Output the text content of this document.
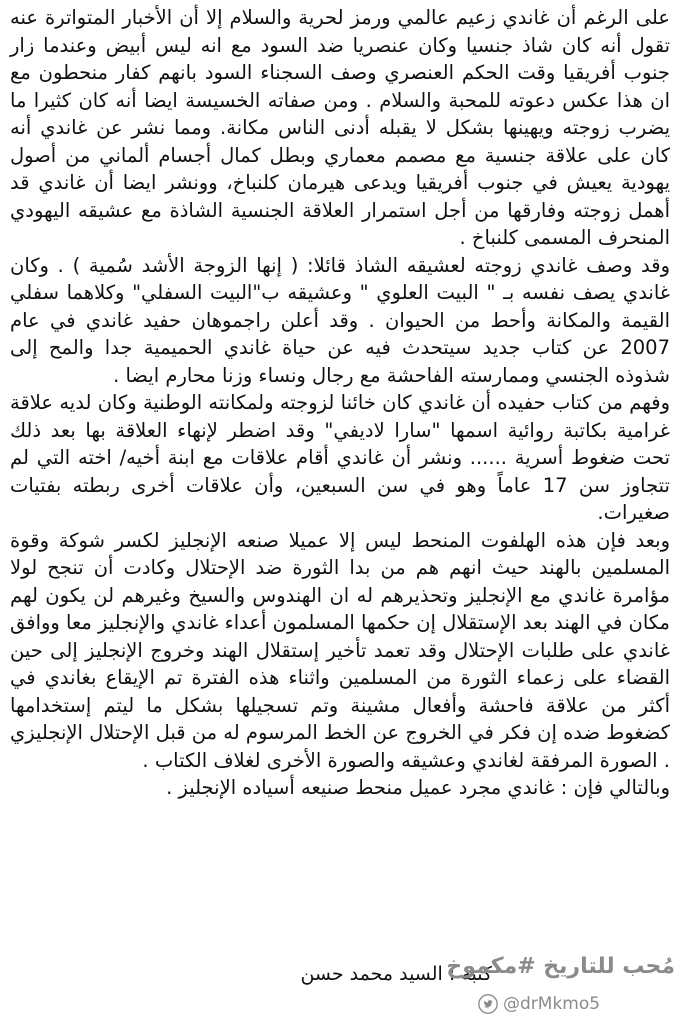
على الرغم أن غاندي زعيم عالمي ورمز لحرية والسلام إلا أن الأخبار المتواترة عنه تقول أنه كان شاذ جنسيا وكان عنصريا ضد السود مع انه ليس أبيض وعندما زار جنوب أفريقيا وقت الحكم العنصري وصف السجناء السود بانهم كفار منحطون مع ان هذا عكس دعوته للمحبة والسلام . ومن صفاته الخسيسة ايضا أنه كان كثيرا ما يضرب زوجته ويهينها بشكل لا يقبله أدنى الناس مكانة. ومما نشر عن غاندي أنه كان على علاقة جنسية مع مصمم معماري وبطل كمال أجسام ألماني من أصول يهودية يعيش في جنوب أفريقيا ويدعى هيرمان كلنباخ، وونشر ايضا أن غاندي قد أهمل زوجته وفارقها من أجل استمرار العلاقة الجنسية الشاذة مع عشيقه اليهودي المنحرف المسمى كلنباخ .

وقد وصف غاندي زوجته لعشيقه الشاذ قائلا: ( إنها الزوجة الأشد سُمية ) . وكان غاندي يصف نفسه بـ " البيت العلوي " وعشيقه ب"البيت السفلي" وكلاهما سفلي القيمة والمكانة وأحط من الحيوان . وقد أعلن راجموهان حفيد غاندي في عام 2007 عن كتاب جديد سيتحدث فيه عن حياة غاندي الحميمية جدا والمح إلى شذوذه الجنسي وممارسته الفاحشة مع رجال ونساء وزنا محارم ايضا .

وفهم من كتاب حفيده أن غاندي كان خائنا لزوجته ولمكانته الوطنية وكان لديه علاقة غرامية بكاتبة روائية اسمها "سارا لاديفي" وقد اضطر لإنهاء العلاقة بها بعد ذلك تحت ضغوط أسرية ...... ونشر أن غاندي أقام علاقات مع ابنة أخيه/ اخته التي لم تتجاوز سن 17 عاماً وهو في سن السبعين، وأن علاقات أخرى ربطته بفتيات صغيرات.

وبعد فإن هذه الهلفوت المنحط ليس إلا عميلا صنعه الإنجليز لكسر شوكة وقوة المسلمين بالهند حيث انهم هم من بدا الثورة ضد الإحتلال وكادت أن تنجح لولا مؤامرة غاندي مع الإنجليز وتحذيرهم له ان الهندوس والسيخ وغيرهم لن يكون لهم مكان في الهند بعد الإستقلال إن حكمها المسلمون أعداء غاندي والإنجليز معا ووافق غاندي على طلبات الإحتلال وقد تعمد تأخير إستقلال الهند وخروج الإنجليز إلى حين القضاء على زعماء الثورة من المسلمين واثناء هذه الفترة تم الإيقاع بغاندي في أكثر من علاقة فاحشة وأفعال مشينة وتم تسجيلها بشكل ما ليتم إستخدامها كضغوط ضده إن فكر في الخروج عن الخط المرسوم له من قبل الإحتلال الإنجليزي . الصورة المرفقة لغاندي وعشيقه والصورة الأخرى لغلاف الكتاب .

وبالتالي فإن : غاندي مجرد عميل منحط صنيعه أسياده الإنجليز .

كتبه : السيد محمد حسن
مُحب للتاريخ #مكموخ
@drMkmo5
